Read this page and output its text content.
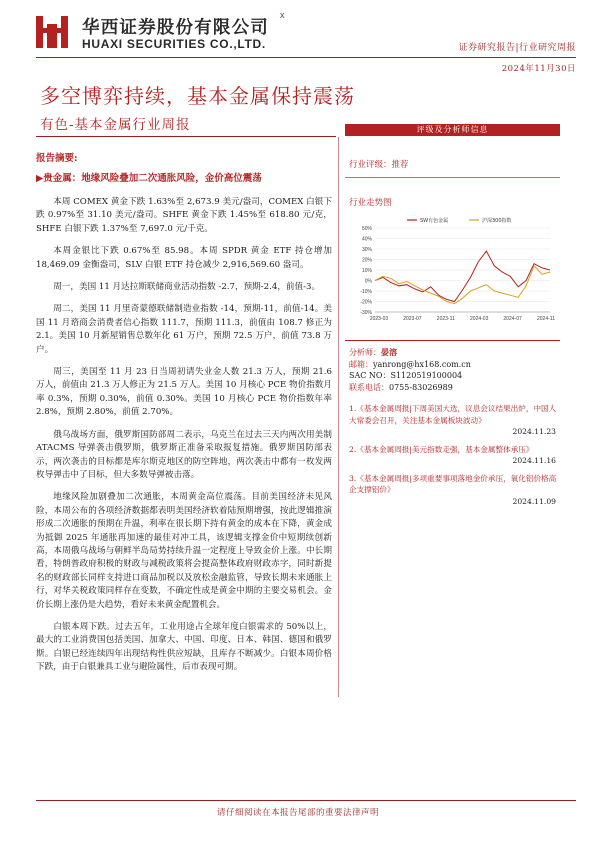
华西证券股份有限公司
HUAXI SECURITIES CO.,LTD.
x
证券研究报告|行业研究周报
2024年11月30日
多空博弈持续，基本金属保持震荡
有色-基本金属行业周报
报告摘要:
▶贵金属：地缘风险叠加二次通胀风险，金价高位震荡

本周 COMEX 黄金下跌 1.63%至 2,673.9 美元/盎司，COMEX 白银下跌 0.97%至 31.10 美元/盎司。SHFE 黄金下跌 1.45%至 618.80 元/克，SHFE 白银下跌 1.37%至 7,697.0 元/千克。

本周金银比下跌 0.67%至 85.98。本周 SPDR 黄金 ETF 持仓增加 18,469.09 金衡盎司，SLV 白银 ETF 持仓减少 2,916,569.60 盎司。

周一，美国 11 月达拉斯联储商业活动指数 -2.7，预期-2.4，前值-3。

周二，美国 11 月里奇蒙德联储制造业指数 -14，预期-11，前值-14。美国 11 月谘商会消费者信心指数 111.7，预期 111.3，前值由 108.7 修正为 2.1。美国 10 月新屋销售总数年化 61 万户，预期 72.5 万户，前值 73.8 万户。

周三，美国至 11 月 23 日当周初请失业金人数 21.3 万人，预期 21.6 万人，前值由 21.3 万人修正为 21.5 万人。美国 10 月核心 PCE 物价指数月率 0.3%，预期 0.30%，前值 0.30%。美国 10 月核心 PCE 物价指数年率 2.8%，预期 2.80%，前值 2.70%。

俄乌战场方面，俄罗斯国防部周二表示，乌克兰在过去三天内两次用美制 ATACMS 导弹袭击俄罗斯，俄罗斯正准备采取报复措施。俄罗斯国防部表示，两次袭击的目标都是库尔斯克地区的防空阵地，两次袭击中都有一枚发两枚导弹击中了目标，但大多数导弹被击落。

地缘风险加剧叠加二次通胀，本周黄金高位震荡。目前美国经济未见风险，本周公布的各项经济数据都表明美国经济软着陆预期增强，按此逻辑推演形成二次通胀的预期在升温，利率在很长期下持有黄金的成本在下降，黄金成为抵御 2025 年通胀再加速的最佳对冲工具，该逻辑支撑金价中短期续创新高，本周俄乌战场与朝鲜半岛局势持续升温一定程度上导致金价上涨。中长期看，特朗普政府积极的财政与减税政策将会提高整体政府财政赤字，同时新提名的财政部长同样支持进口商品加税以及放松金融监管，导致长期未来通胀上行，对华关税政策同样存在变数，不确定性成是黄金中期的主要交易机会。金价长期上涨仍是大趋势，看好未来黄金配置机会。

白银本周下跌。过去五年，工业用途占全球年度白银需求的 50%以上，最大的工业消费国包括美国、加拿大、中国、印度、日本、韩国、德国和俄罗斯。白银已经连续四年出现结构性供应短缺，且库存不断减少。白银本周价格下跌，由于白银兼具工业与避险属性，后市表现可期。

评级及分析师信息
行业评级：推荐
行业走势图
50%
40%
30%
20%
10%
0%
-10%
-20%
-30%
2023-03	2023-07	2023-11	2024-03	2024-07	2024-11
SW有色金属	沪深300指数
分析师：晏溶
邮箱：yanrong@hx168.com.cn
SAC NO：S1120519100004
联系电话：0755-83026989
1.《基本金属周报|下周美国大选，议息会议结果出炉，中国人大常委会召开，关注基本金属板块波动》
2024.11.23
2.《基本金属周报|美元指数走强，基本金属整体承压》
2024.11.16
3.《基本金属周报|多项重要事项落地金价承压，氧化铝价格高企支撑铝价》
2024.11.09
请仔细阅读在本报告尾部的重要法律声明
